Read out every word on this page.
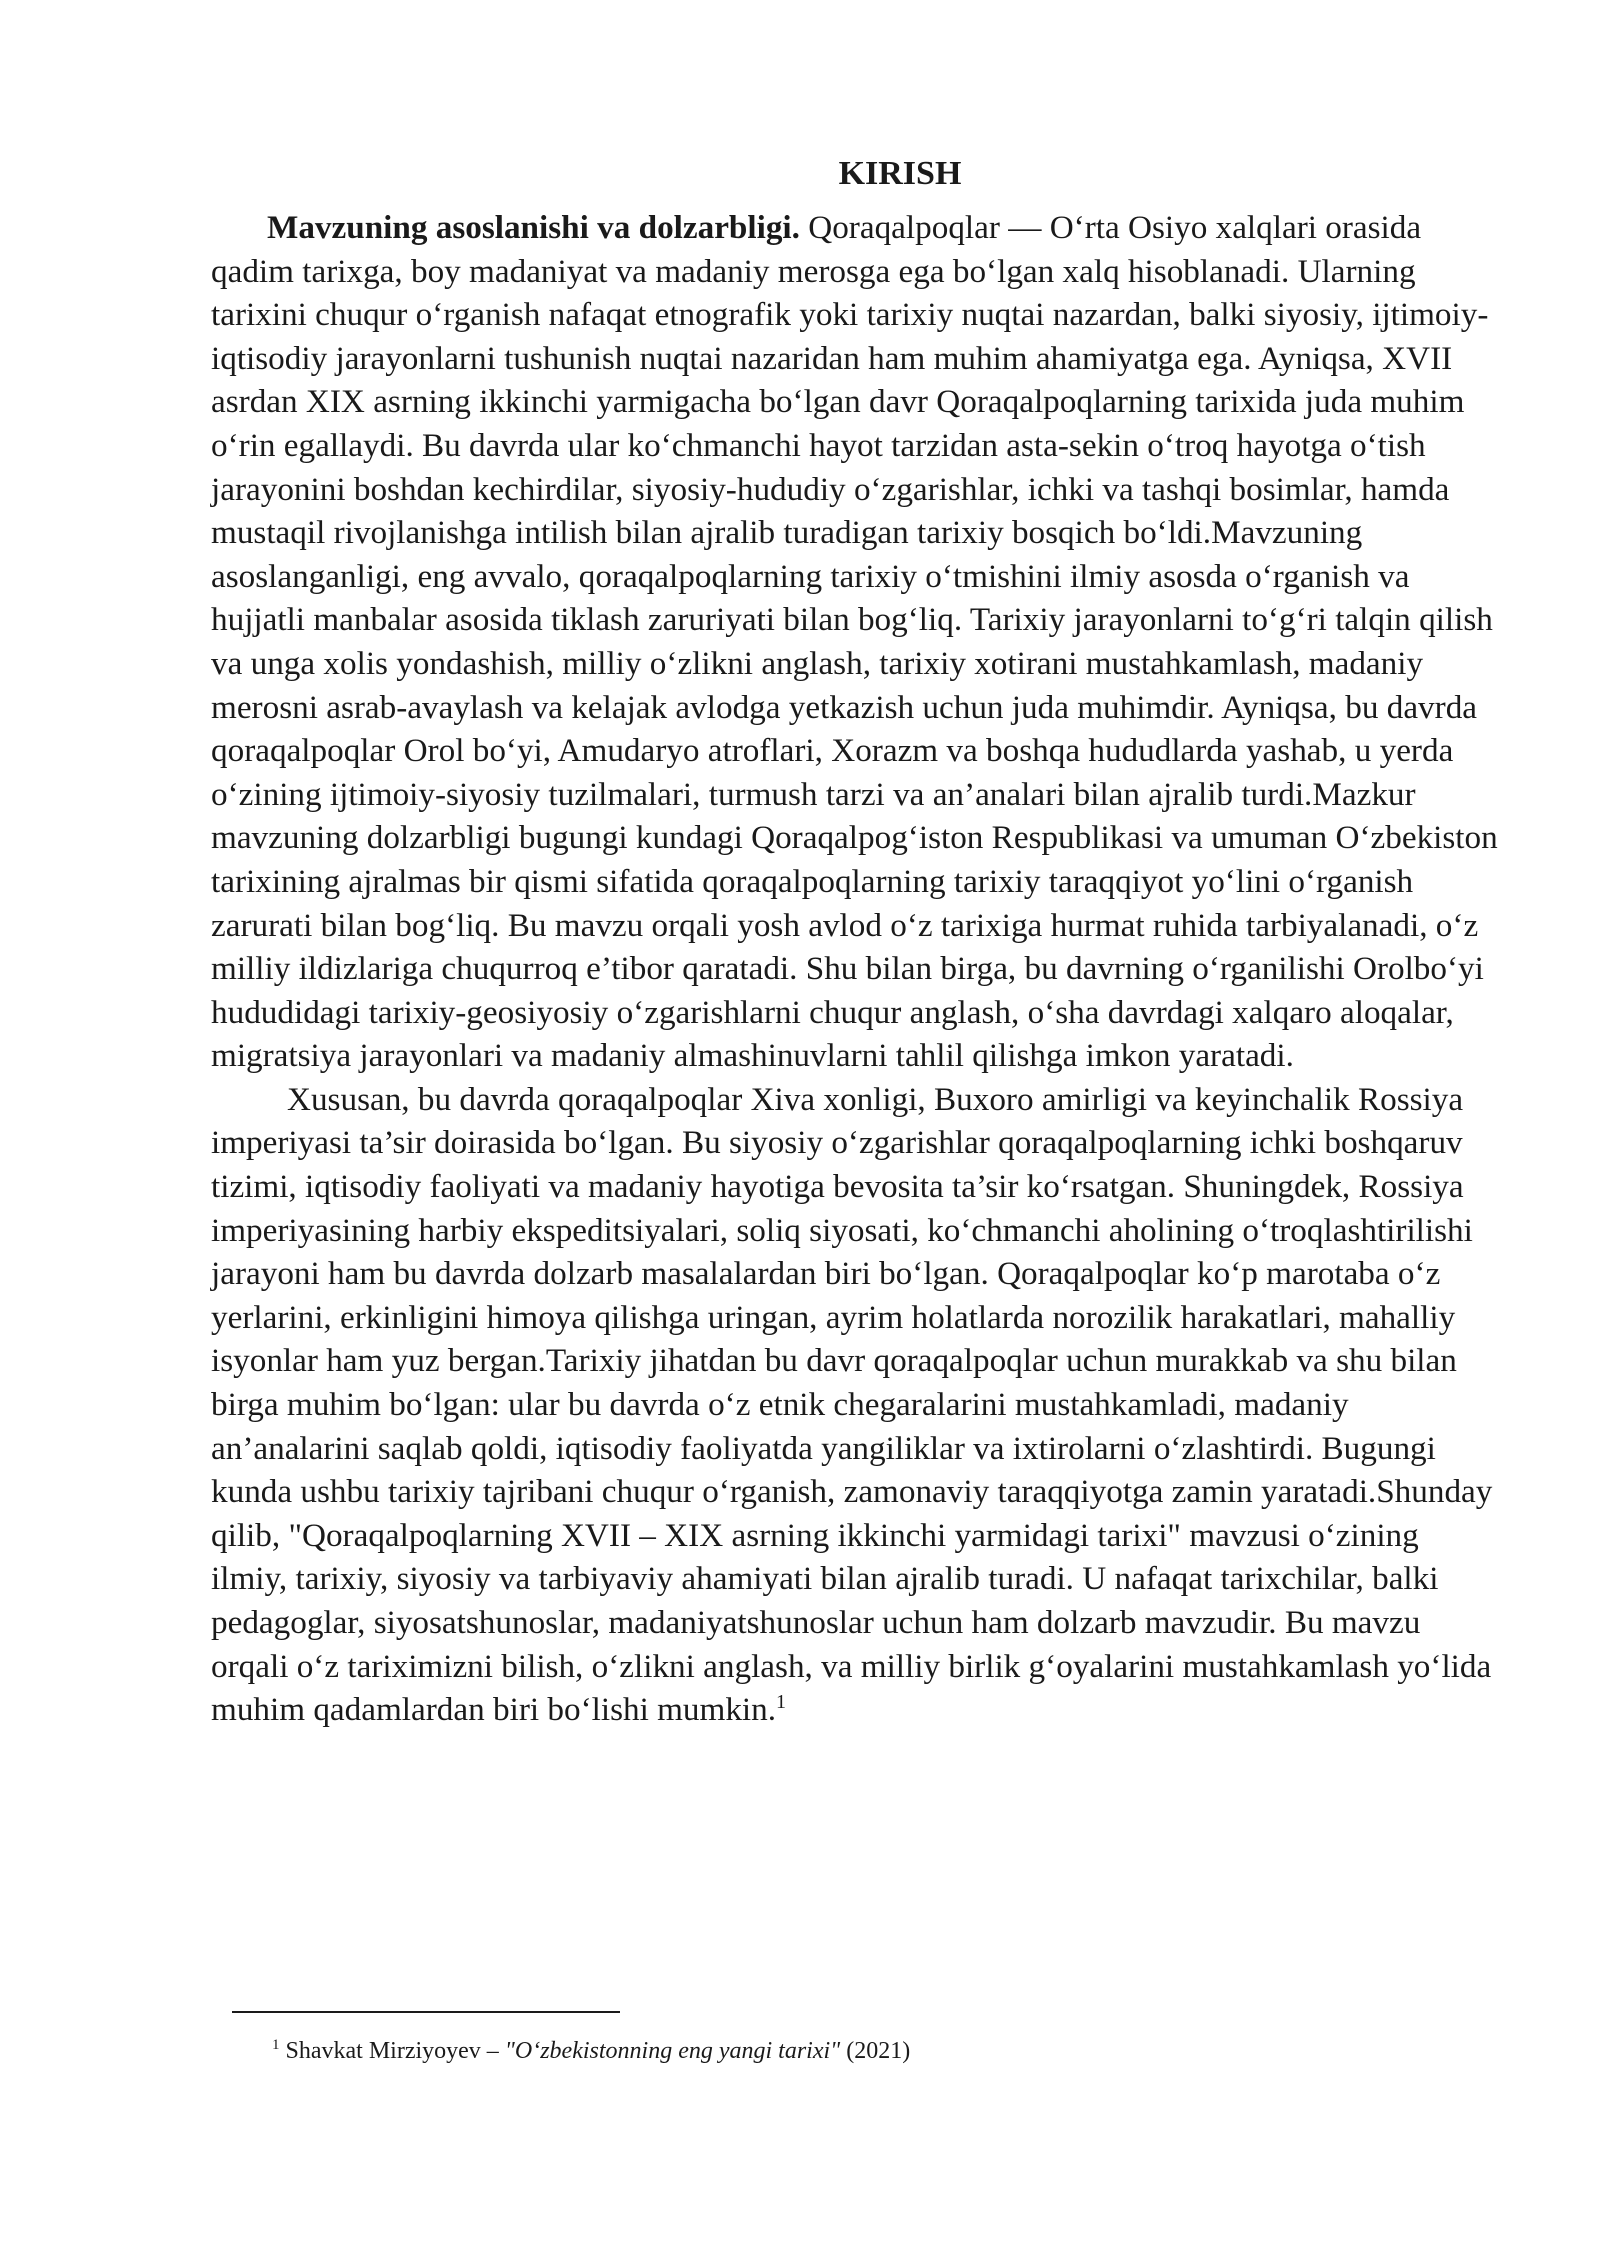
KIRISH

Mavzuning asoslanishi va dolzarbligi. Qoraqalpoqlar — O‘rta Osiyo xalqlari orasida qadim tarixga, boy madaniyat va madaniy merosga ega bo‘lgan xalq hisoblanadi. Ularning tarixini chuqur o‘rganish nafaqat etnografik yoki tarixiy nuqtai nazardan, balki siyosiy, ijtimoiy-iqtisodiy jarayonlarni tushunish nuqtai nazaridan ham muhim ahamiyatga ega. Ayniqsa, XVII asrdan XIX asrning ikkinchi yarmigacha bo‘lgan davr Qoraqalpoqlarning tarixida juda muhim o‘rin egallaydi. Bu davrda ular ko‘chmanchi hayot tarzidan asta-sekin o‘troq hayotga o‘tish jarayonini boshdan kechirdilar, siyosiy-hududiy o‘zgarishlar, ichki va tashqi bosimlar, hamda mustaqil rivojlanishga intilish bilan ajralib turadigan tarixiy bosqich bo‘ldi.Mavzuning asoslanganligi, eng avvalo, qoraqalpoqlarning tarixiy o‘tmishini ilmiy asosda o‘rganish va hujjatli manbalar asosida tiklash zaruriyati bilan bog‘liq. Tarixiy jarayonlarni to‘g‘ri talqin qilish va unga xolis yondashish, milliy o‘zlikni anglash, tarixiy xotirani mustahkamlash, madaniy merosni asrab-avaylash va kelajak avlodga yetkazish uchun juda muhimdir. Ayniqsa, bu davrda qoraqalpoqlar Orol bo‘yi, Amudaryo atroflari, Xorazm va boshqa hududlarda yashab, u yerda o‘zining ijtimoiy-siyosiy tuzilmalari, turmush tarzi va an’analari bilan ajralib turdi.Mazkur mavzuning dolzarbligi bugungi kundagi Qoraqalpog‘iston Respublikasi va umuman O‘zbekiston tarixining ajralmas bir qismi sifatida qoraqalpoqlarning tarixiy taraqqiyot yo‘lini o‘rganish zarurati bilan bog‘liq. Bu mavzu orqali yosh avlod o‘z tarixiga hurmat ruhida tarbiyalanadi, o‘z milliy ildizlariga chuqurroq e’tibor qaratadi. Shu bilan birga, bu davrning o‘rganilishi Orolbo‘yi hududidagi tarixiy-geosiyosiy o‘zgarishlarni chuqur anglash, o‘sha davrdagi xalqaro aloqalar, migratsiya jarayonlari va madaniy almashinuvlarni tahlil qilishga imkon yaratadi.

Xususan, bu davrda qoraqalpoqlar Xiva xonligi, Buxoro amirligi va keyinchalik Rossiya imperiyasi ta’sir doirasida bo‘lgan. Bu siyosiy o‘zgarishlar qoraqalpoqlarning ichki boshqaruv tizimi, iqtisodiy faoliyati va madaniy hayotiga bevosita ta’sir ko‘rsatgan. Shuningdek, Rossiya imperiyasining harbiy ekspeditsiyalari, soliq siyosati, ko‘chmanchi aholining o‘troqlashtirilishi jarayoni ham bu davrda dolzarb masalalardan biri bo‘lgan. Qoraqalpoqlar ko‘p marotaba o‘z yerlarini, erkinligini himoya qilishga uringan, ayrim holatlarda norozilik harakatlari, mahalliy isyonlar ham yuz bergan.Tarixiy jihatdan bu davr qoraqalpoqlar uchun murakkab va shu bilan birga muhim bo‘lgan: ular bu davrda o‘z etnik chegaralarini mustahkamladi, madaniy an’analarini saqlab qoldi, iqtisodiy faoliyatda yangiliklar va ixtirolarni o‘zlashtirdi. Bugungi kunda ushbu tarixiy tajribani chuqur o‘rganish, zamonaviy taraqqiyotga zamin yaratadi.Shunday qilib, "Qoraqalpoqlarning XVII – XIX asrning ikkinchi yarmidagi tarixi" mavzusi o‘zining ilmiy, tarixiy, siyosiy va tarbiyaviy ahamiyati bilan ajralib turadi. U nafaqat tarixchilar, balki pedagoglar, siyosatshunoslar, madaniyatshunoslar uchun ham dolzarb mavzudir. Bu mavzu orqali o‘z tariximizni bilish, o‘zlikni anglash, va milliy birlik g‘oyalarini mustahkamlash yo‘lida muhim qadamlardan biri bo‘lishi mumkin.$^1$

$^1$ Shavkat Mirziyoyev – "O‘zbekistonning eng yangi tarixi" (2021)
